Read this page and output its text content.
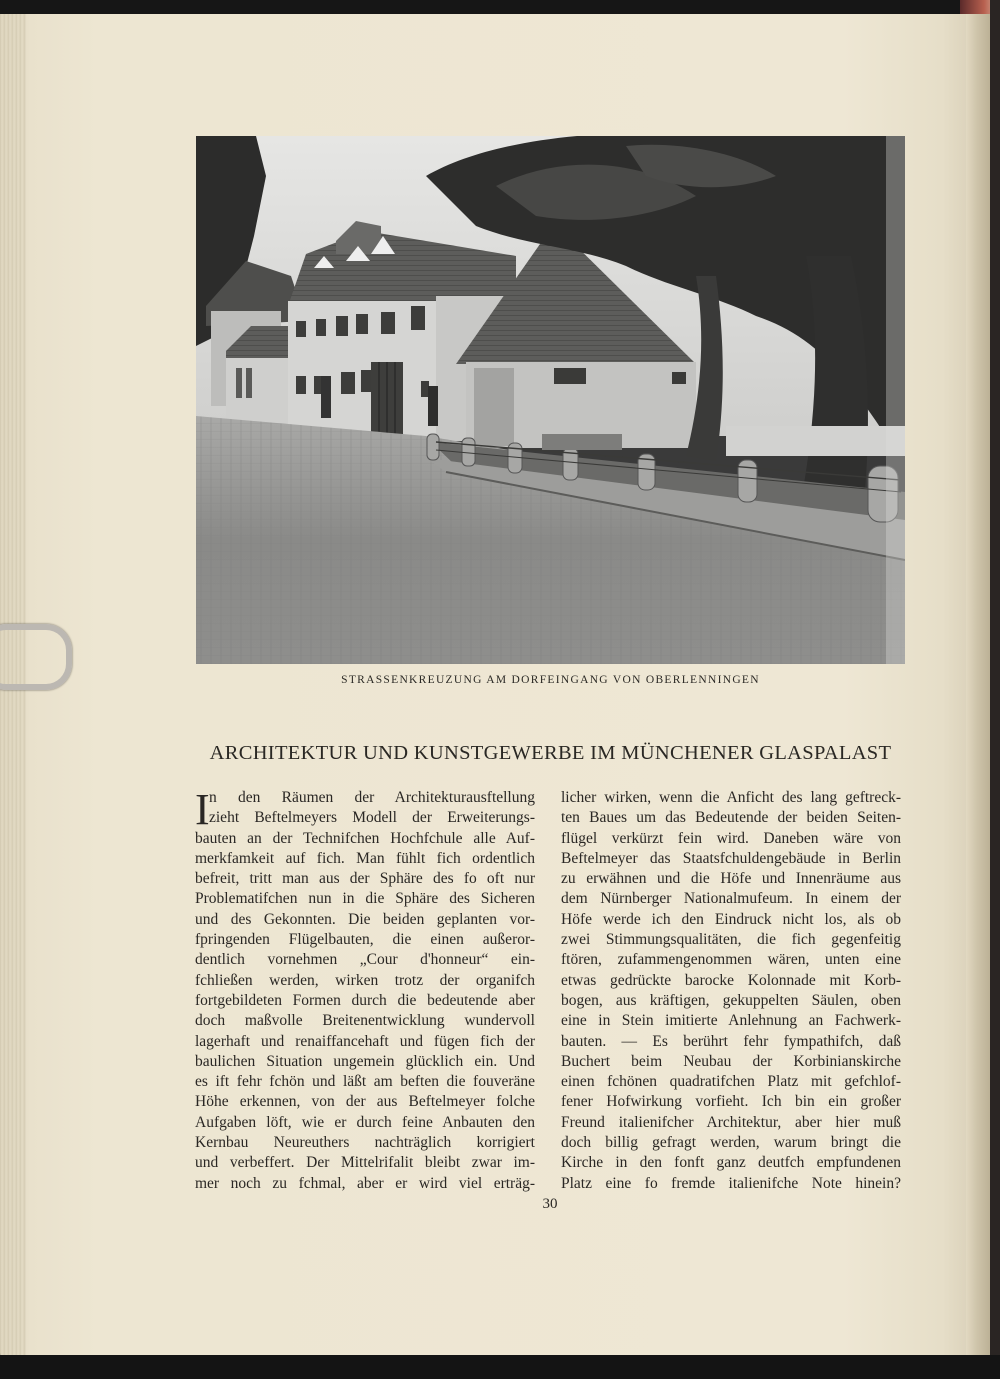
STRASSENKREUZUNG AM DORFEINGANG VON OBERLENNINGEN
ARCHITEKTUR UND KUNSTGEWERBE IM MÜNCHENER GLASPALAST
I n den Räumen der Architekturausftellung
zieht Beftelmeyers Modell der Erweiterungs-
bauten an der Technifchen Hochfchule alle Auf-
merkfamkeit auf fich. Man fühlt fich ordentlich
befreit, tritt man aus der Sphäre des fo oft nur
Problematifchen nun in die Sphäre des Sicheren
und des Gekonnten. Die beiden geplanten vor-
fpringenden Flügelbauten, die einen außeror-
dentlich vornehmen „Cour d'honneur“ ein-
fchließen werden, wirken trotz der organifch
fortgebildeten Formen durch die bedeutende aber
doch maßvolle Breitenentwicklung wundervoll
lagerhaft und renaiffancehaft und fügen fich der
baulichen Situation ungemein glücklich ein. Und
es ift fehr fchön und läßt am beften die fouveräne
Höhe erkennen, von der aus Beftelmeyer folche
Aufgaben löft, wie er durch feine Anbauten den
Kernbau Neureuthers nachträglich korrigiert
und verbeffert. Der Mittelrifalit bleibt zwar im-
mer noch zu fchmal, aber er wird viel erträg-
licher wirken, wenn die Anficht des lang geftreck-
ten Baues um das Bedeutende der beiden Seiten-
flügel verkürzt fein wird. Daneben wäre von
Beftelmeyer das Staatsfchuldengebäude in Berlin
zu erwähnen und die Höfe und Innenräume aus
dem Nürnberger Nationalmufeum. In einem der
Höfe werde ich den Eindruck nicht los, als ob
zwei Stimmungsqualitäten, die fich gegenfeitig
ftören, zufammengenommen wären, unten eine
etwas gedrückte barocke Kolonnade mit Korb-
bogen, aus kräftigen, gekuppelten Säulen, oben
eine in Stein imitierte Anlehnung an Fachwerk-
bauten. — Es berührt fehr fympathifch, daß
Buchert beim Neubau der Korbinianskirche
einen fchönen quadratifchen Platz mit gefchlof-
fener Hofwirkung vorfieht. Ich bin ein großer
Freund italienifcher Architektur, aber hier muß
doch billig gefragt werden, warum bringt die
Kirche in den fonft ganz deutfch empfundenen
Platz eine fo fremde italienifche Note hinein?
30
